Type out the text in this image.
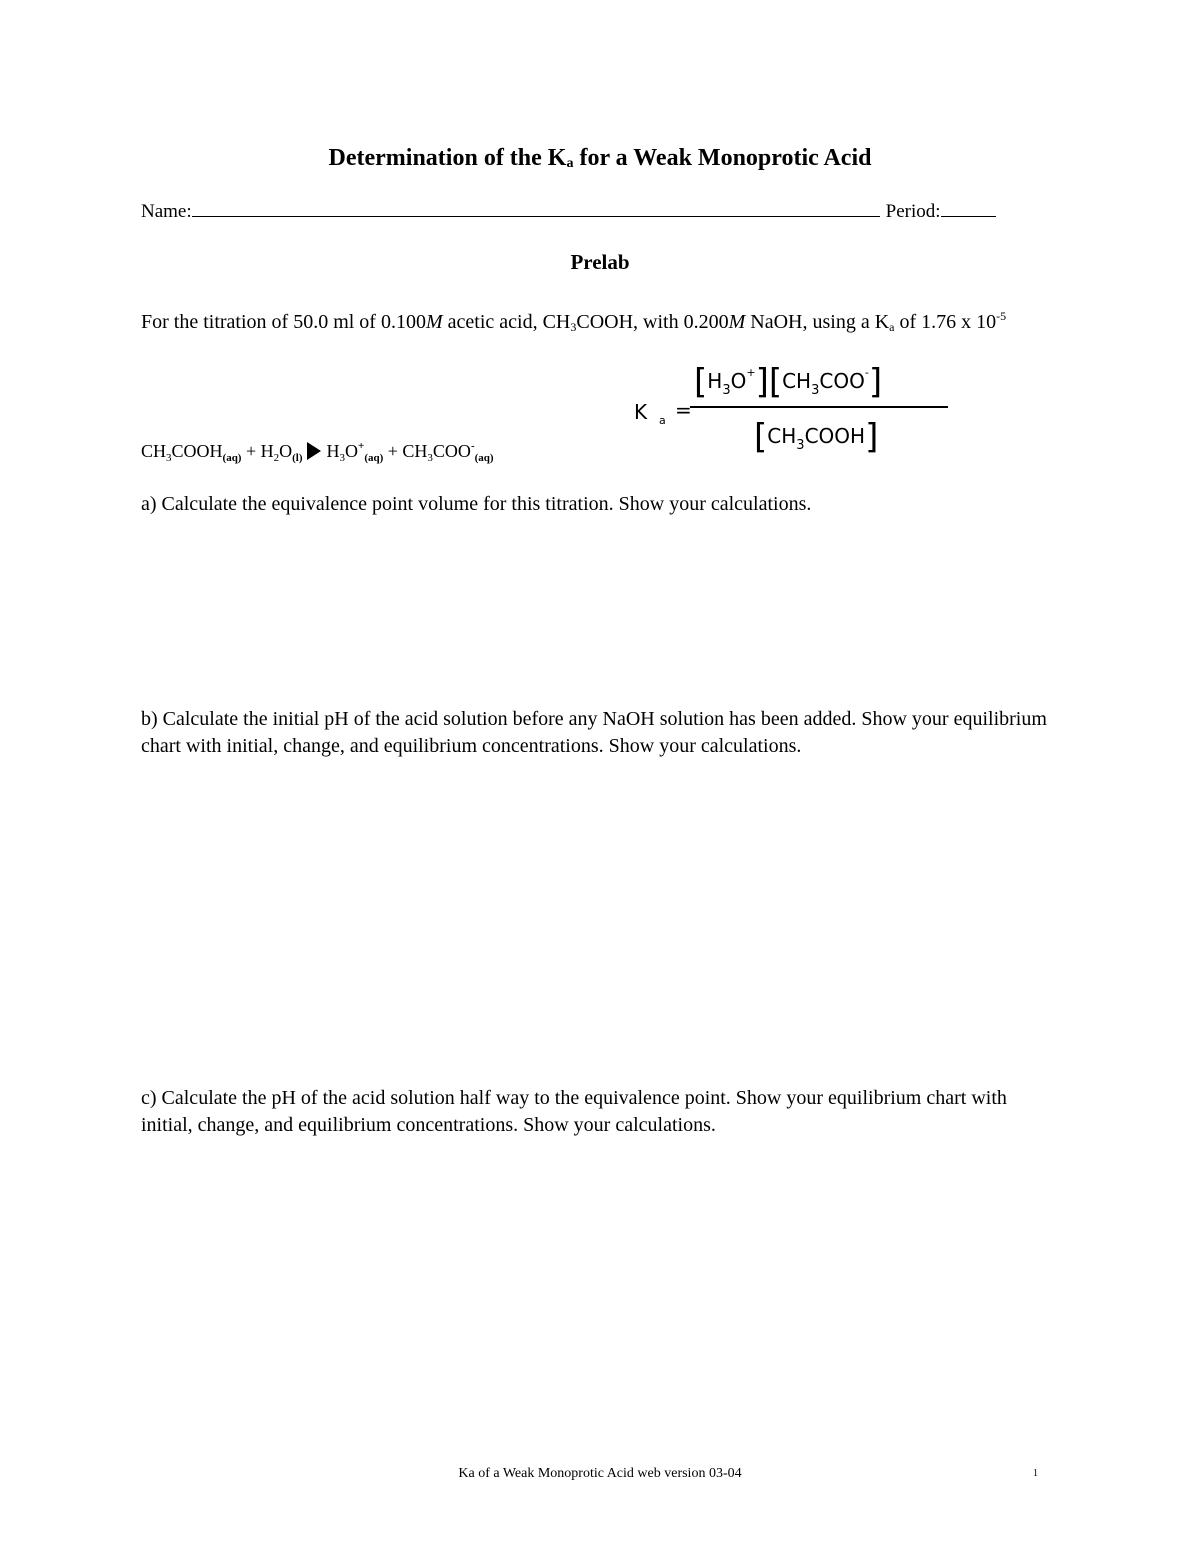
Determination of the Ka for a Weak Monoprotic Acid
Name:	Period:
Prelab
For the titration of 50.0 ml of 0.100M acetic acid, $CH_3COOH$, with 0.200M NaOH, using a $K_a$ of 1.76 x $10^{-5}$
K a =
$[H_3O^+][CH_3COO^-]$
$[CH_3COOH]$
$CH_3COOH_{(aq)} + H_2O_{(l)}$ $H_3O^+_{(aq)} + CH_3COO^-_{(aq)}$
a) Calculate the equivalence point volume for this titration. Show your calculations.
b) Calculate the initial pH of the acid solution before any NaOH solution has been added. Show your equilibrium chart with initial, change, and equilibrium concentrations. Show your calculations.
c) Calculate the pH of the acid solution half way to the equivalence point. Show your equilibrium chart with initial, change, and equilibrium concentrations. Show your calculations.
Ka of a Weak Monoprotic Acid web version 03-04	1
